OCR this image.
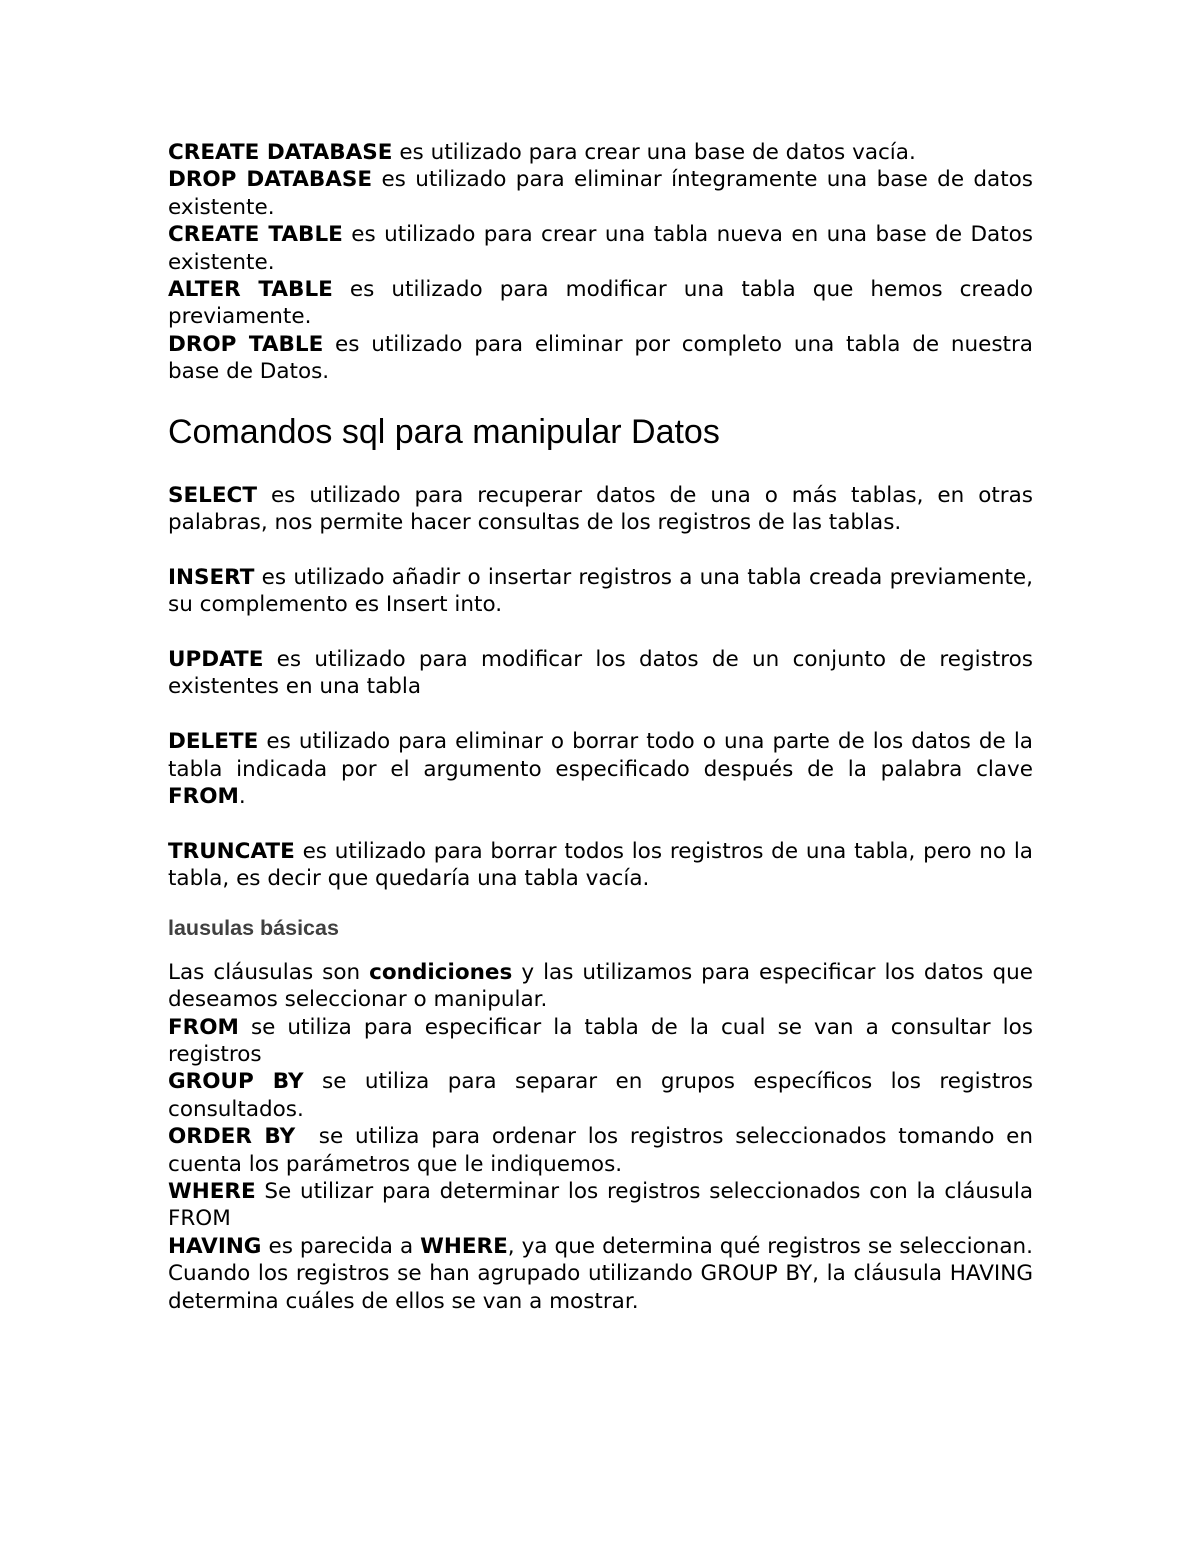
CREATE DATABASE es utilizado para crear una base de datos vacía.

DROP DATABASE es utilizado para eliminar íntegramente una base de datos existente.

CREATE TABLE es utilizado para crear una tabla nueva en una base de Datos existente.

ALTER TABLE es utilizado para modificar una tabla que hemos creado previamente.

DROP TABLE es utilizado para eliminar por completo una tabla de nuestra base de Datos.

Comandos sql para manipular Datos

SELECT es utilizado para recuperar datos de una o más tablas, en otras palabras, nos permite hacer consultas de los registros de las tablas.

INSERT es utilizado añadir o insertar registros a una tabla creada previamente, su complemento es Insert into.

UPDATE es utilizado para modificar los datos de un conjunto de registros existentes en una tabla

DELETE es utilizado para eliminar o borrar todo o una parte de los datos de la tabla indicada por el argumento especificado después de la palabra clave FROM.

TRUNCATE es utilizado para borrar todos los registros de una tabla, pero no la tabla, es decir que quedaría una tabla vacía.

lausulas básicas

Las cláusulas son condiciones y las utilizamos para especificar los datos que deseamos seleccionar o manipular.

FROM se utiliza para especificar la tabla de la cual se van a consultar los registros

GROUP BY se utiliza para separar en grupos específicos los registros consultados.

ORDER BY  se utiliza para ordenar los registros seleccionados tomando en cuenta los parámetros que le indiquemos.

WHERE Se utilizar para determinar los registros seleccionados con la cláusula FROM

HAVING es parecida a WHERE, ya que determina qué registros se seleccionan. Cuando los registros se han agrupado utilizando GROUP BY, la cláusula HAVING determina cuáles de ellos se van a mostrar.
